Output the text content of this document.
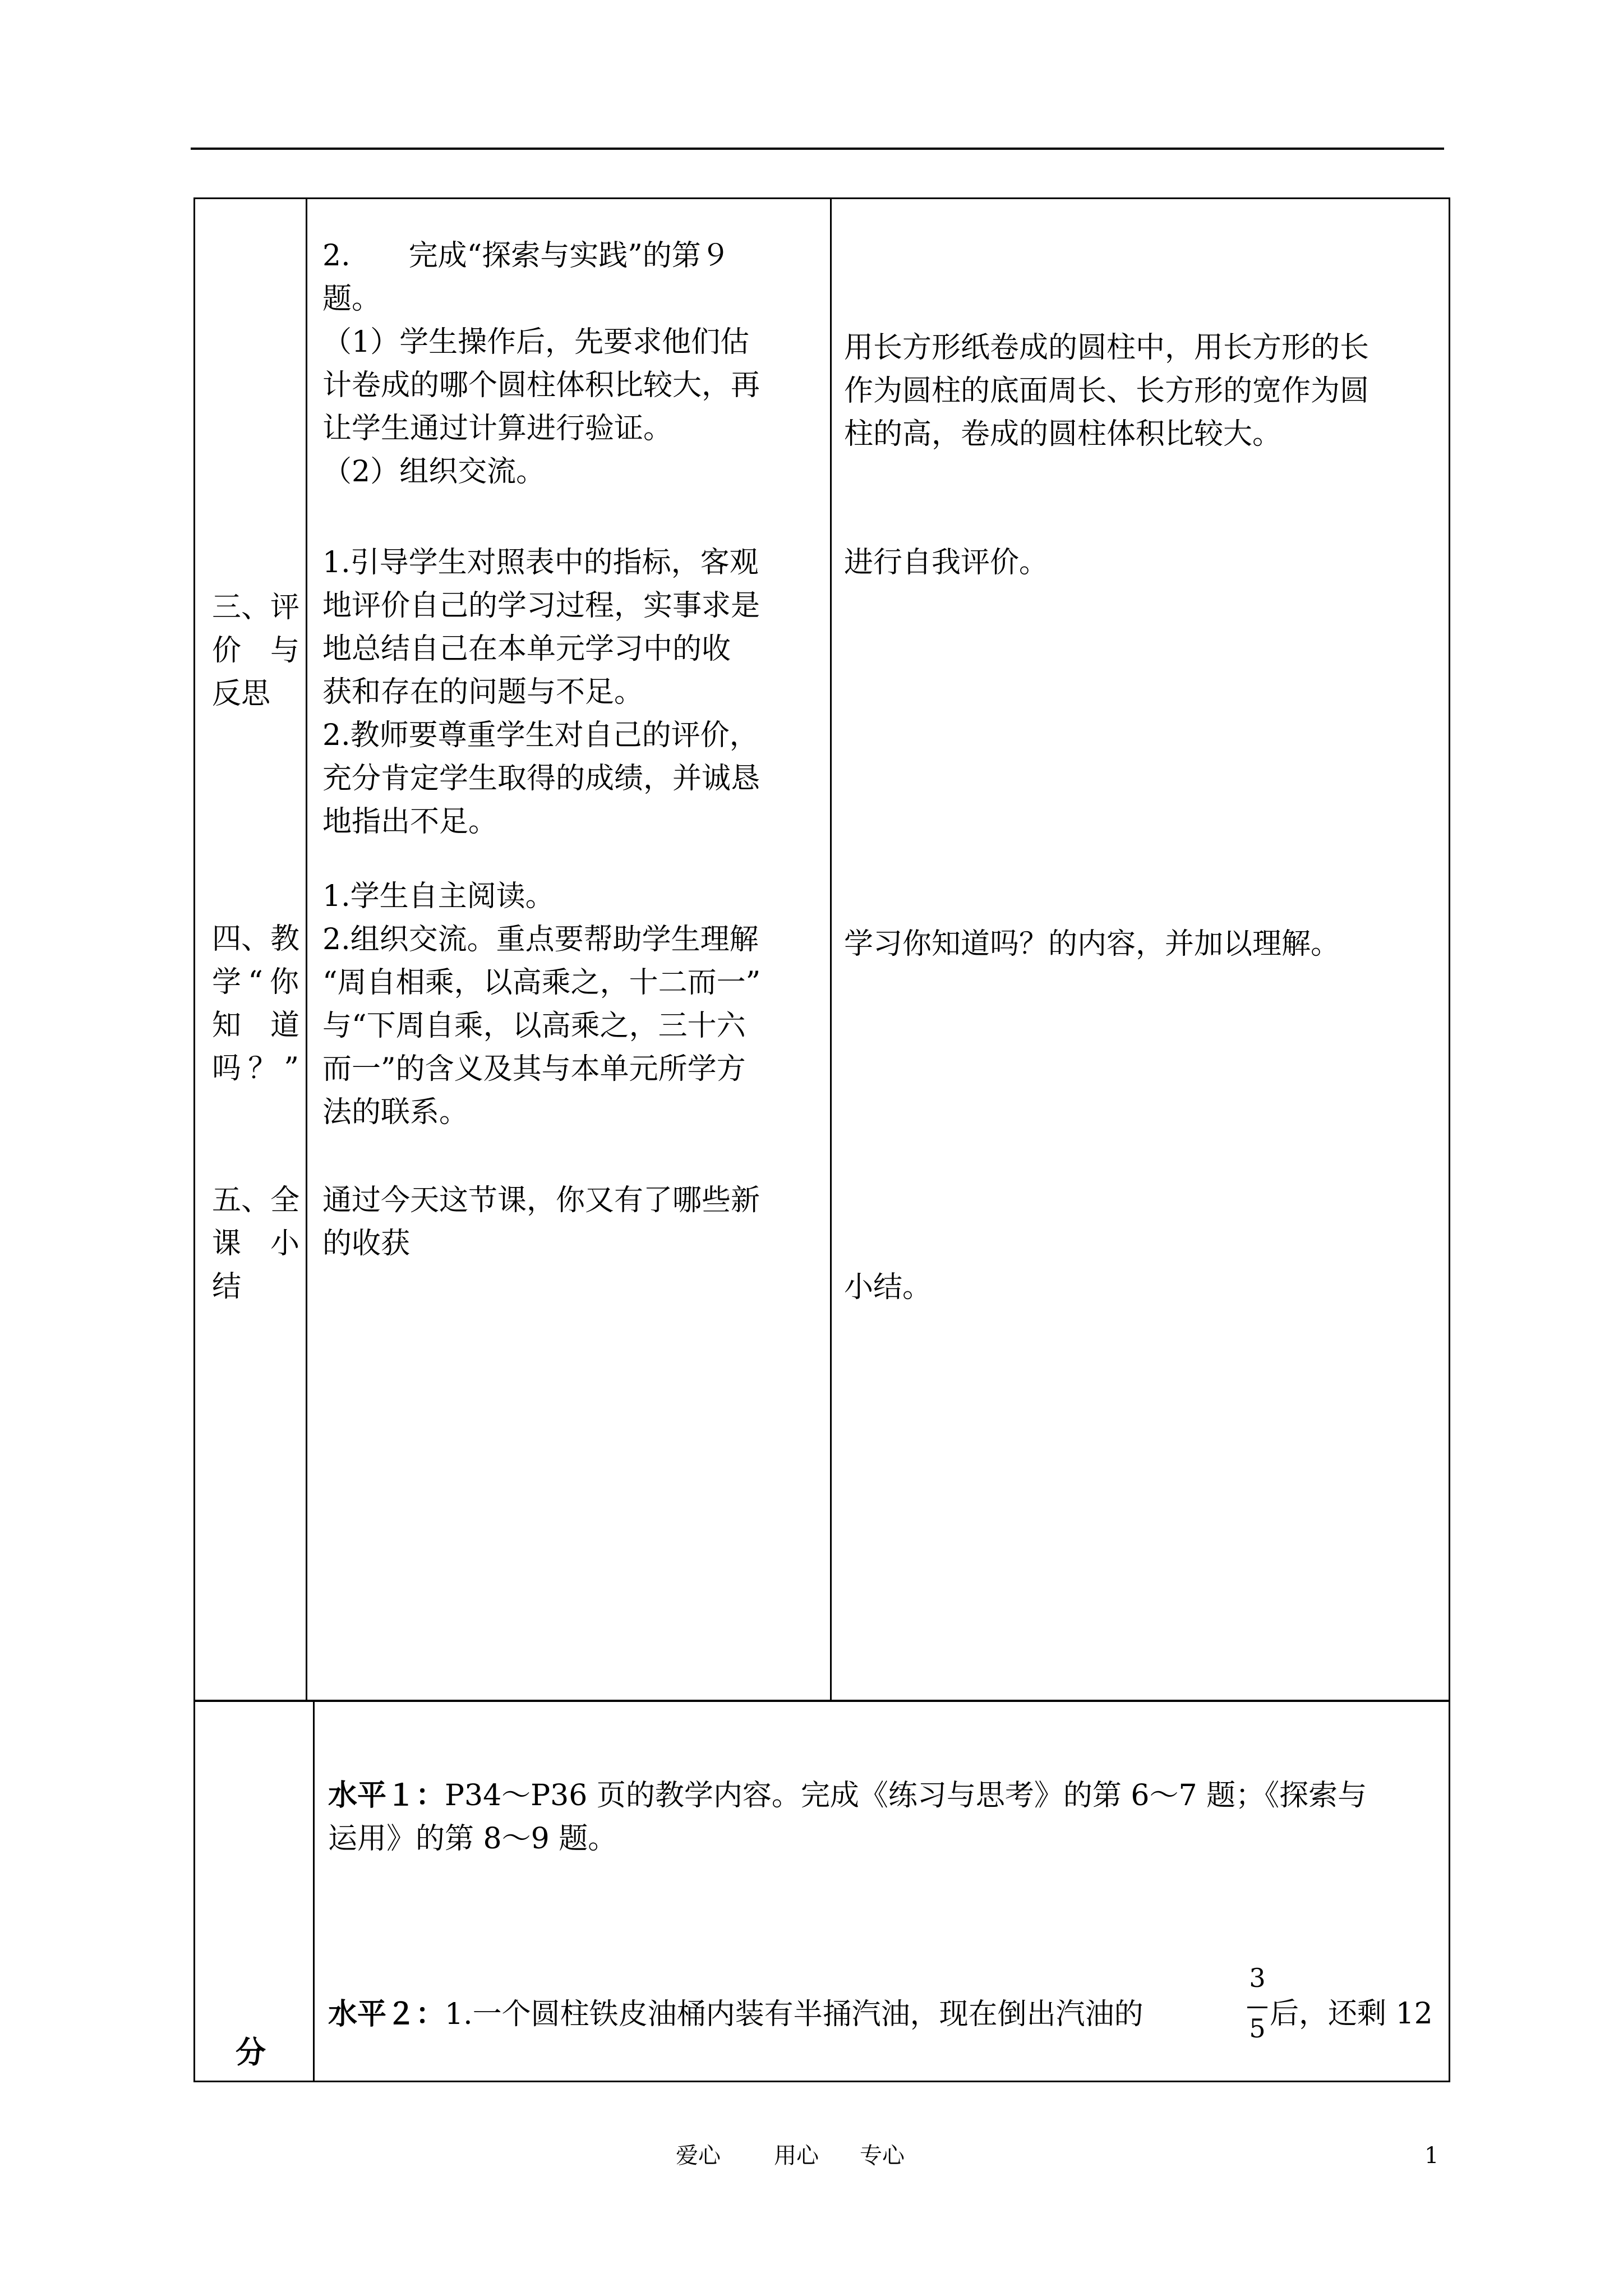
2.　　完成“探索与实践”的第９
题。
（1）学生操作后，先要求他们估
计卷成的哪个圆柱体积比较大，再
让学生通过计算进行验证。
（2）组织交流。
用长方形纸卷成的圆柱中，用长方形的长
作为圆柱的底面周长、长方形的宽作为圆
柱的高，卷成的圆柱体积比较大。
三、评
价　与
反思
1.引导学生对照表中的指标，客观
地评价自己的学习过程，实事求是
地总结自己在本单元学习中的收
获和存在的问题与不足。
2.教师要尊重学生对自己的评价，
充分肯定学生取得的成绩，并诚恳
地指出不足。
进行自我评价。
四、教
学“你
知　道
吗？”
1.学生自主阅读。
2.组织交流。重点要帮助学生理解
“周自相乘，以高乘之，十二而一”
与“下周自乘，以高乘之，三十六
而一”的含义及其与本单元所学方
法的联系。
学习你知道吗？的内容，并加以理解。
五、全
课　小
结
通过今天这节课，你又有了哪些新
的收获
小结。
分
水平１：P34～P36 页的教学内容。完成《练习与思考》的第 6～7 题；《探索与
运用》的第 8～9 题。
水平２：1.一个圆柱铁皮油桶内装有半捅汽油，现在倒出汽油的
3
5 后，还剩 12
爱心 用心 专心	1
